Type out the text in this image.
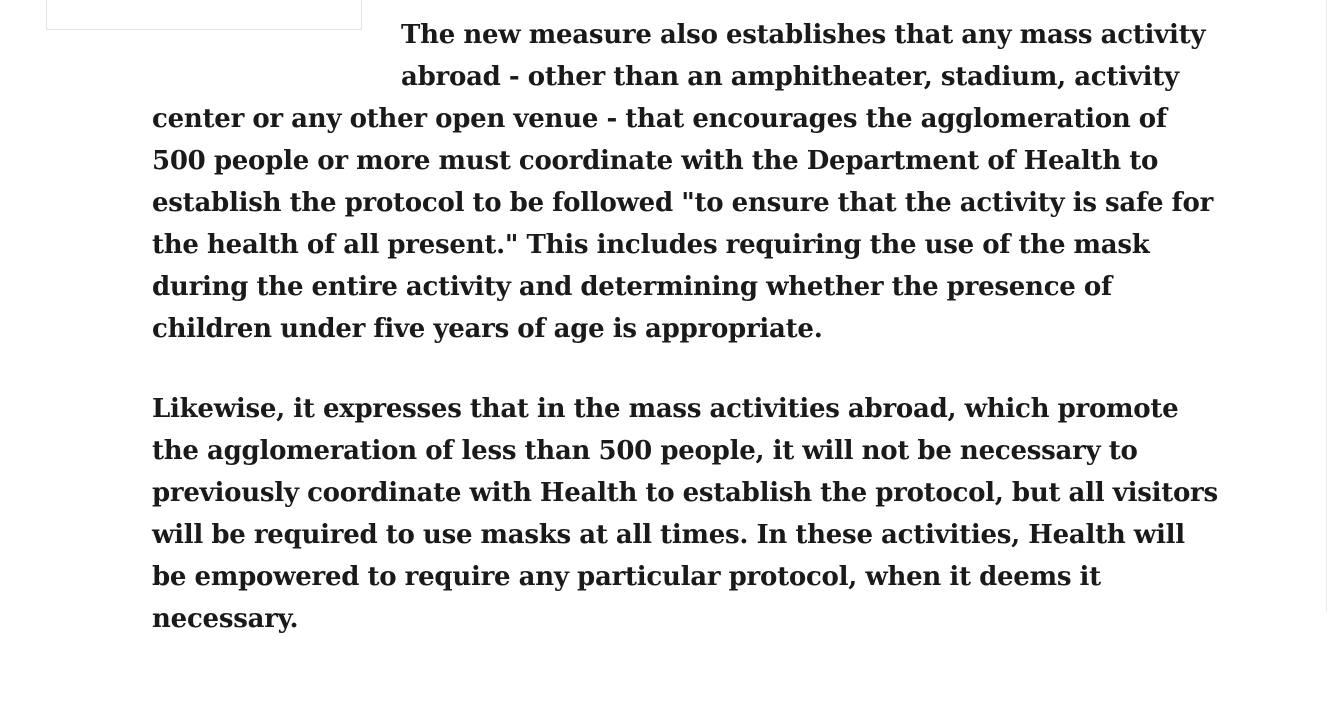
The new measure also establishes that any mass activity abroad - other than an amphitheater, stadium, activity center or any other open venue - that encourages the agglomeration of 500 people or more must coordinate with the Department of Health to establish the protocol to be followed "to ensure that the activity is safe for the health of all present." This includes requiring the use of the mask during the entire activity and determining whether the presence of children under five years of age is appropriate.

Likewise, it expresses that in the mass activities abroad, which promote the agglomeration of less than 500 people, it will not be necessary to previously coordinate with Health to establish the protocol, but all visitors will be required to use masks at all times. In these activities, Health will be empowered to require any particular protocol, when it deems it necessary.
